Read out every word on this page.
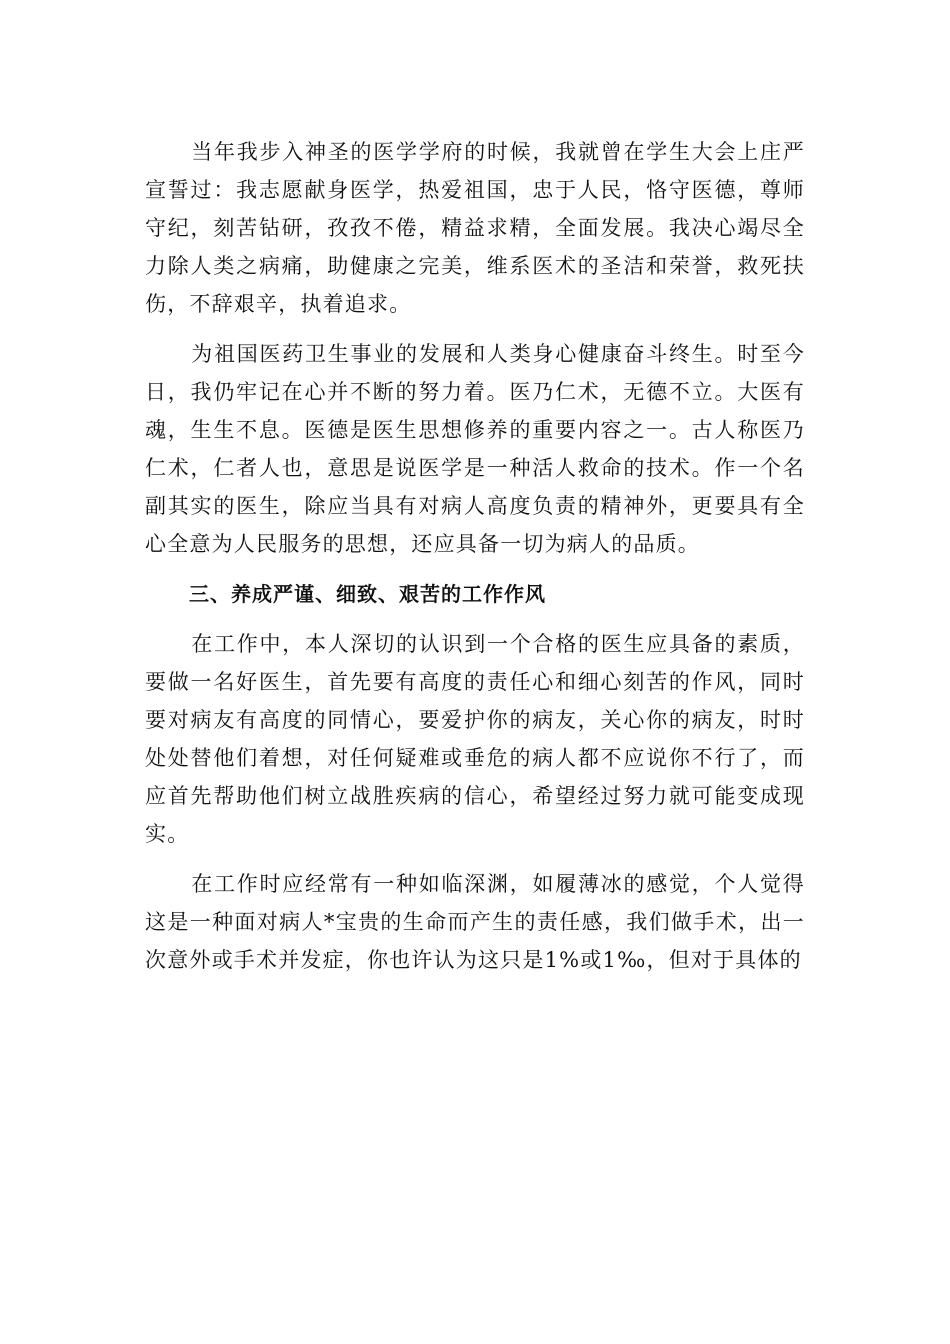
当年我步入神圣的医学学府的时候，我就曾在学生大会上庄严宣誓过：我志愿献身医学，热爱祖国，忠于人民，恪守医德，尊师守纪，刻苦钻研，孜孜不倦，精益求精，全面发展。我决心竭尽全力除人类之病痛，助健康之完美，维系医术的圣洁和荣誉，救死扶伤，不辞艰辛，执着追求。

为祖国医药卫生事业的发展和人类身心健康奋斗终生。时至今日，我仍牢记在心并不断的努力着。医乃仁术，无德不立。大医有魂，生生不息。医德是医生思想修养的重要内容之一。古人称医乃仁术，仁者人也，意思是说医学是一种活人救命的技术。作一个名副其实的医生，除应当具有对病人高度负责的精神外，更要具有全心全意为人民服务的思想，还应具备一切为病人的品质。

三、养成严谨、细致、艰苦的工作作风

在工作中，本人深切的认识到一个合格的医生应具备的素质，要做一名好医生，首先要有高度的责任心和细心刻苦的作风，同时要对病友有高度的同情心，要爱护你的病友，关心你的病友，时时处处替他们着想，对任何疑难或垂危的病人都不应说你不行了，而应首先帮助他们树立战胜疾病的信心，希望经过努力就可能变成现实。

在工作时应经常有一种如临深渊，如履薄冰的感觉，个人觉得这是一种面对病人*宝贵的生命而产生的责任感，我们做手术，出一次意外或手术并发症，你也许认为这只是1%或1‰，但对于具体的
